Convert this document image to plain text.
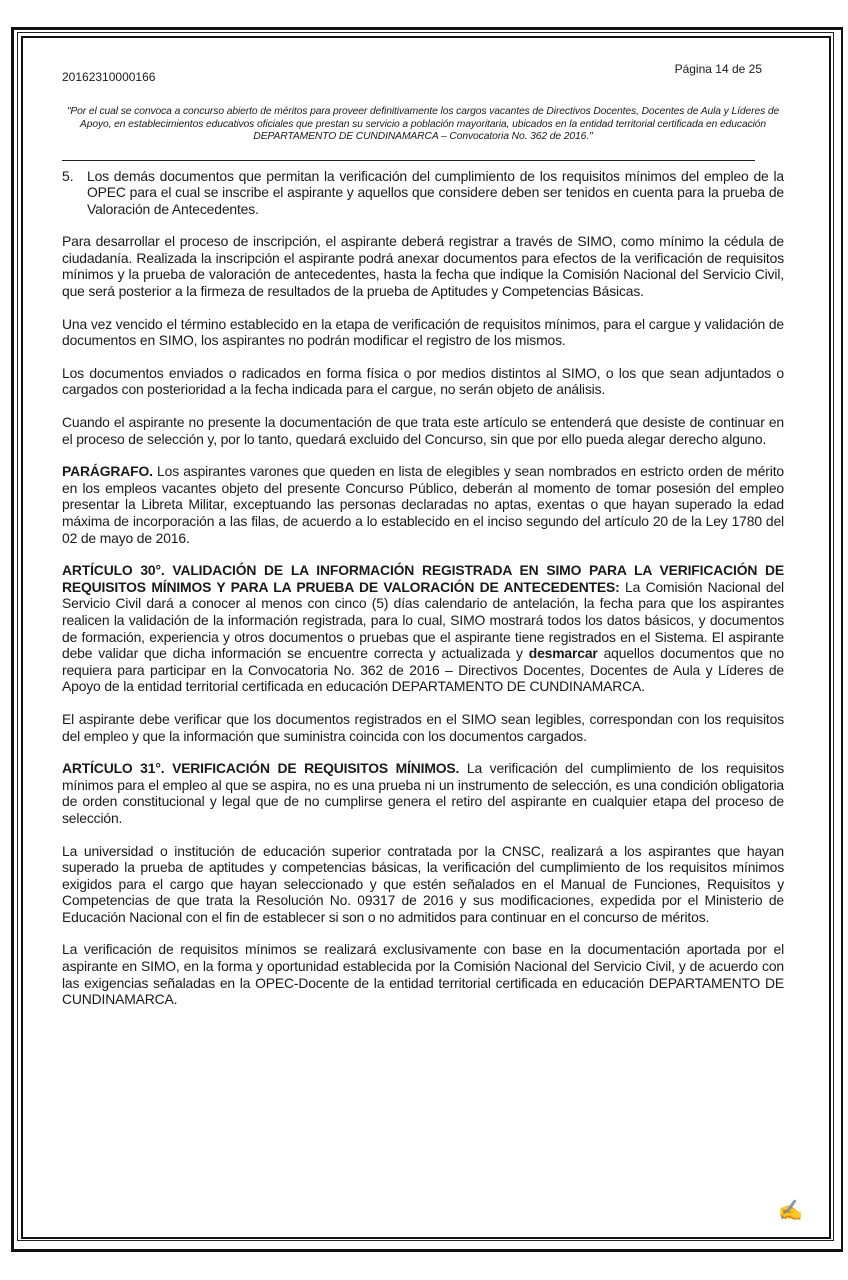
20162310000166
Página 14 de 25
"Por el cual se convoca a concurso abierto de méritos para proveer definitivamente los cargos vacantes de Directivos Docentes, Docentes de Aula y Líderes de Apoyo, en establecimientos educativos oficiales que prestan su servicio a población mayoritaria, ubicados en la entidad territorial certificada en educación DEPARTAMENTO DE CUNDINAMARCA – Convocatoria No. 362 de 2016."
5. Los demás documentos que permitan la verificación del cumplimiento de los requisitos mínimos del empleo de la OPEC para el cual se inscribe el aspirante y aquellos que considere deben ser tenidos en cuenta para la prueba de Valoración de Antecedentes.

Para desarrollar el proceso de inscripción, el aspirante deberá registrar a través de SIMO, como mínimo la cédula de ciudadanía. Realizada la inscripción el aspirante podrá anexar documentos para efectos de la verificación de requisitos mínimos y la prueba de valoración de antecedentes, hasta la fecha que indique la Comisión Nacional del Servicio Civil, que será posterior a la firmeza de resultados de la prueba de Aptitudes y Competencias Básicas.

Una vez vencido el término establecido en la etapa de verificación de requisitos mínimos, para el cargue y validación de documentos en SIMO, los aspirantes no podrán modificar el registro de los mismos.

Los documentos enviados o radicados en forma física o por medios distintos al SIMO, o los que sean adjuntados o cargados con posterioridad a la fecha indicada para el cargue, no serán objeto de análisis.

Cuando el aspirante no presente la documentación de que trata este artículo se entenderá que desiste de continuar en el proceso de selección y, por lo tanto, quedará excluido del Concurso, sin que por ello pueda alegar derecho alguno.

PARÁGRAFO. Los aspirantes varones que queden en lista de elegibles y sean nombrados en estricto orden de mérito en los empleos vacantes objeto del presente Concurso Público, deberán al momento de tomar posesión del empleo presentar la Libreta Militar, exceptuando las personas declaradas no aptas, exentas o que hayan superado la edad máxima de incorporación a las filas, de acuerdo a lo establecido en el inciso segundo del artículo 20 de la Ley 1780 del 02 de mayo de 2016.

ARTÍCULO 30°. VALIDACIÓN DE LA INFORMACIÓN REGISTRADA EN SIMO PARA LA VERIFICACIÓN DE REQUISITOS MÍNIMOS Y PARA LA PRUEBA DE VALORACIÓN DE ANTECEDENTES: La Comisión Nacional del Servicio Civil dará a conocer al menos con cinco (5) días calendario de antelación, la fecha para que los aspirantes realicen la validación de la información registrada, para lo cual, SIMO mostrará todos los datos básicos, y documentos de formación, experiencia y otros documentos o pruebas que el aspirante tiene registrados en el Sistema. El aspirante debe validar que dicha información se encuentre correcta y actualizada y desmarcar aquellos documentos que no requiera para participar en la Convocatoria No. 362 de 2016 – Directivos Docentes, Docentes de Aula y Líderes de Apoyo de la entidad territorial certificada en educación DEPARTAMENTO DE CUNDINAMARCA.

El aspirante debe verificar que los documentos registrados en el SIMO sean legibles, correspondan con los requisitos del empleo y que la información que suministra coincida con los documentos cargados.

ARTÍCULO 31°. VERIFICACIÓN DE REQUISITOS MÍNIMOS. La verificación del cumplimiento de los requisitos mínimos para el empleo al que se aspira, no es una prueba ni un instrumento de selección, es una condición obligatoria de orden constitucional y legal que de no cumplirse genera el retiro del aspirante en cualquier etapa del proceso de selección.

La universidad o institución de educación superior contratada por la CNSC, realizará a los aspirantes que hayan superado la prueba de aptitudes y competencias básicas, la verificación del cumplimiento de los requisitos mínimos exigidos para el cargo que hayan seleccionado y que estén señalados en el Manual de Funciones, Requisitos y Competencias de que trata la Resolución No. 09317 de 2016 y sus modificaciones, expedida por el Ministerio de Educación Nacional con el fin de establecer si son o no admitidos para continuar en el concurso de méritos.

La verificación de requisitos mínimos se realizará exclusivamente con base en la documentación aportada por el aspirante en SIMO, en la forma y oportunidad establecida por la Comisión Nacional del Servicio Civil, y de acuerdo con las exigencias señaladas en la OPEC-Docente de la entidad territorial certificada en educación DEPARTAMENTO DE CUNDINAMARCA.

✍
